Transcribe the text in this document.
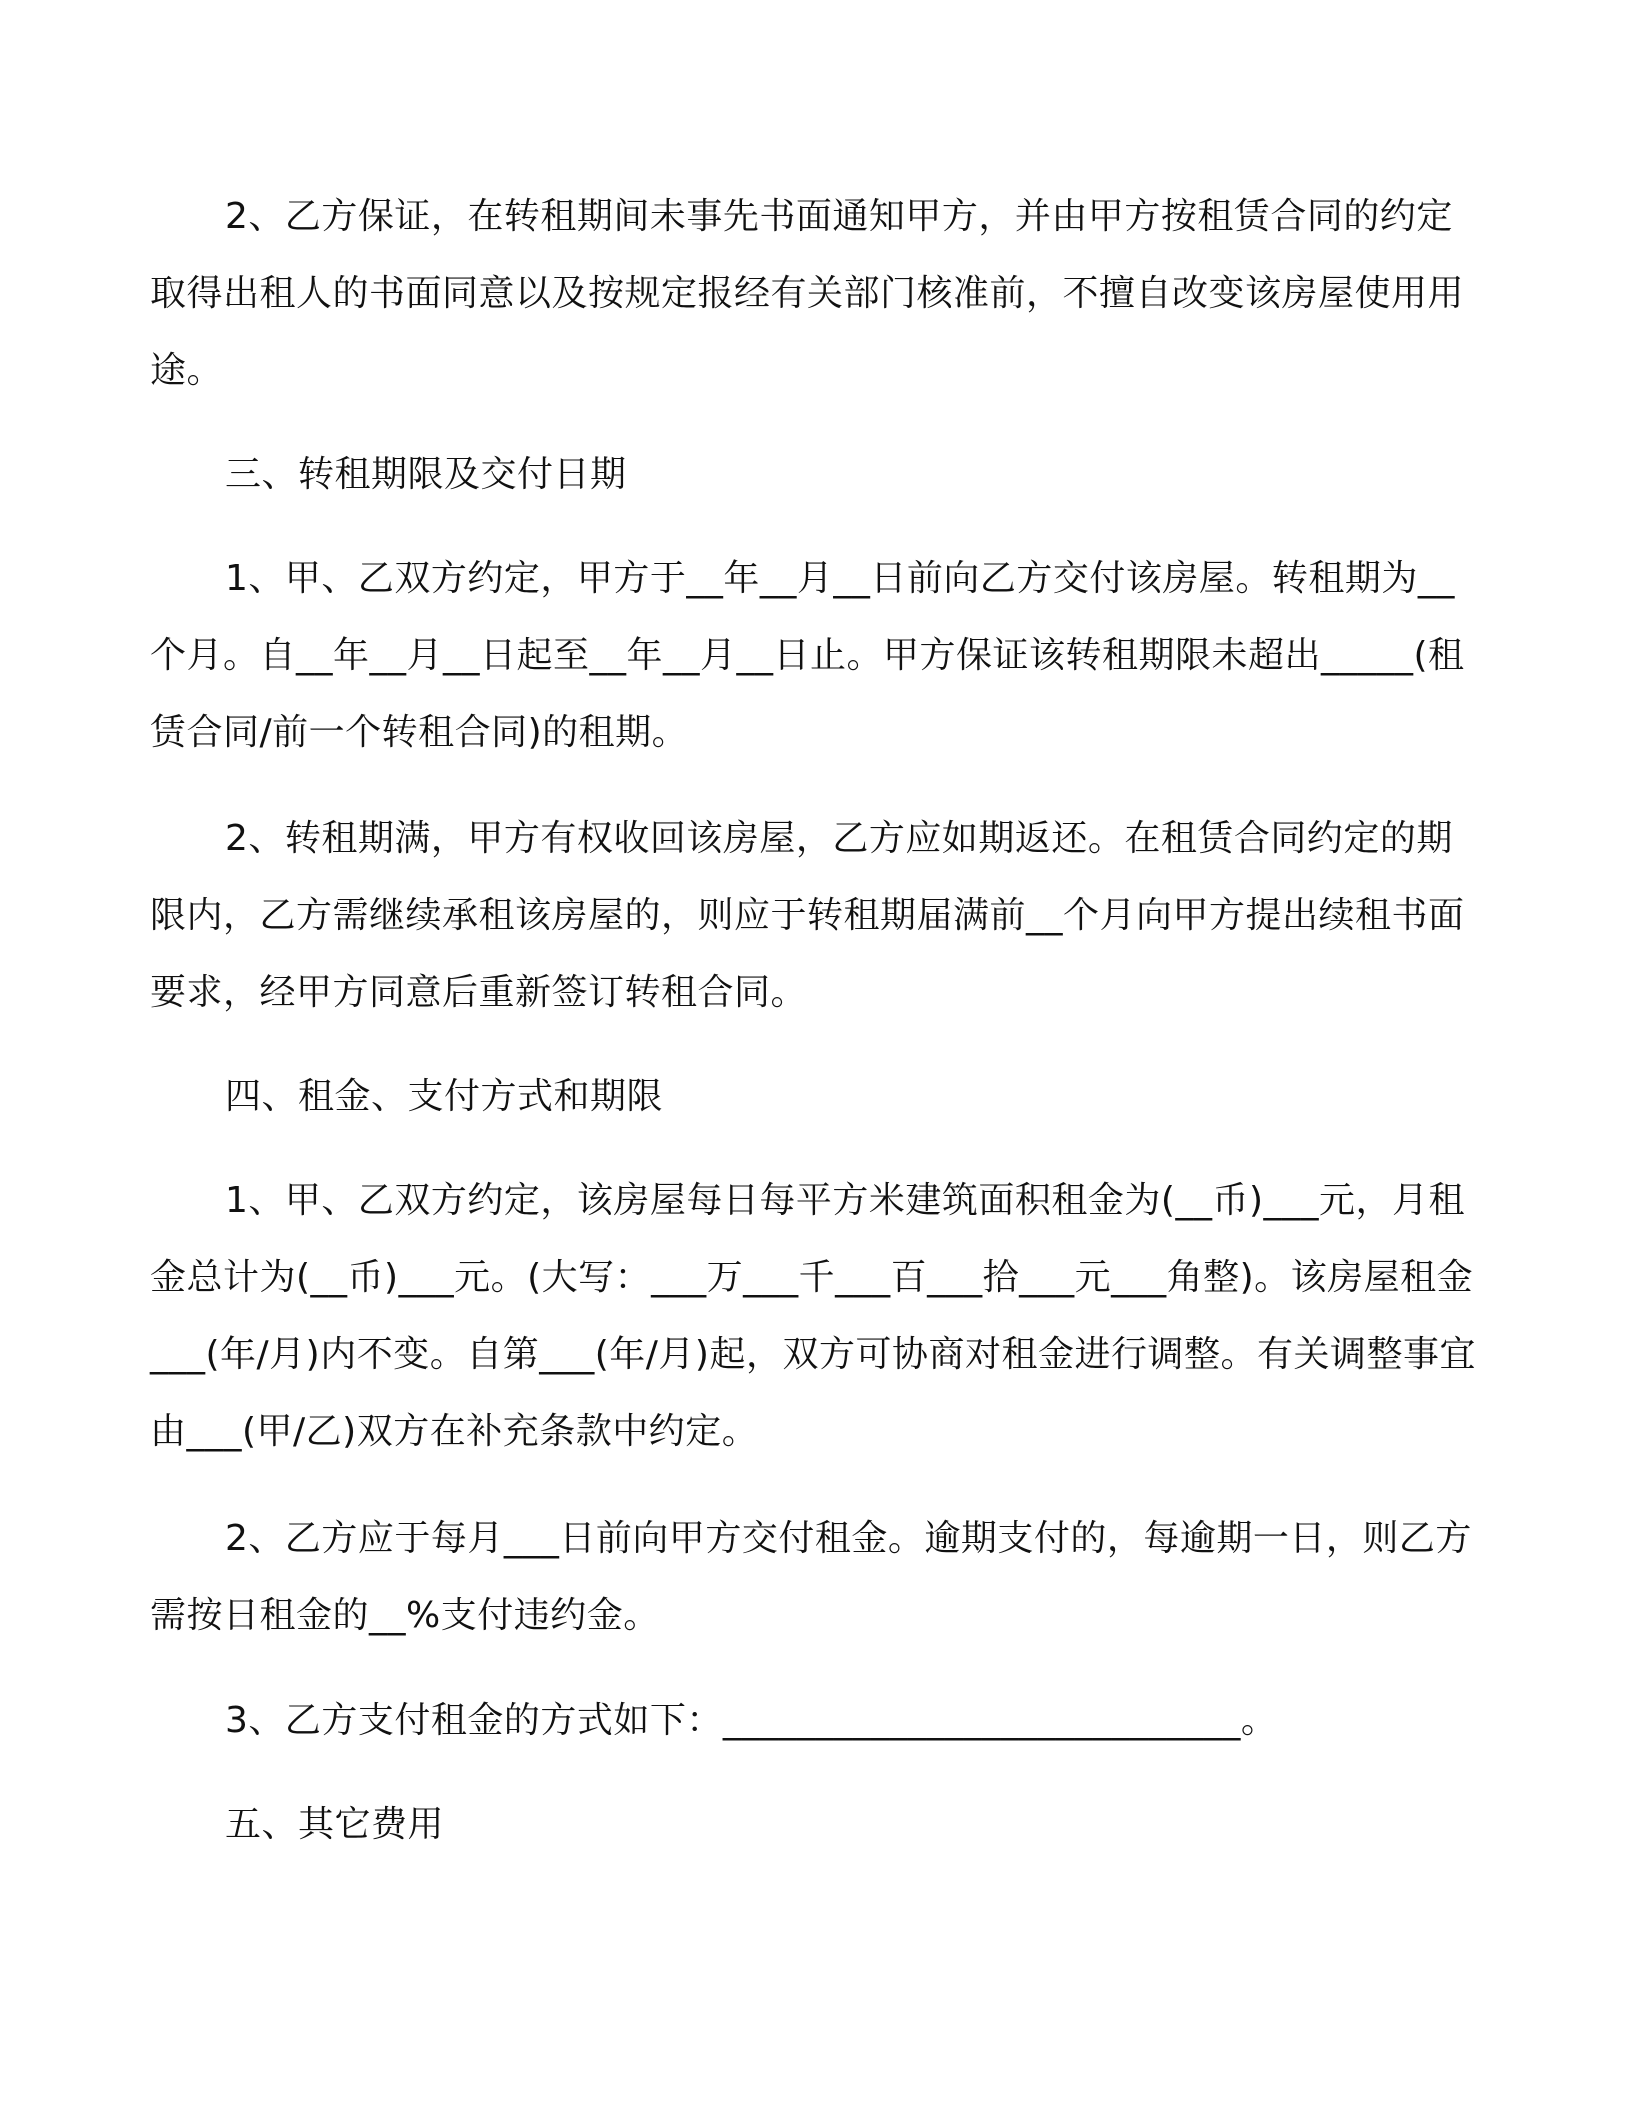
2、乙方保证，在转租期间未事先书面通知甲方，并由甲方按租赁合同的约定取得出租人的书面同意以及按规定报经有关部门核准前，不擅自改变该房屋使用用途。

三、转租期限及交付日期

1、甲、乙双方约定，甲方于__年__月__日前向乙方交付该房屋。转租期为__个月。自__年__月__日起至__年__月__日止。甲方保证该转租期限未超出_____(租赁合同/前一个转租合同)的租期。

2、转租期满，甲方有权收回该房屋，乙方应如期返还。在租赁合同约定的期限内，乙方需继续承租该房屋的，则应于转租期届满前__个月向甲方提出续租书面要求，经甲方同意后重新签订转租合同。

四、租金、支付方式和期限

1、甲、乙双方约定，该房屋每日每平方米建筑面积租金为(__币)___元，月租金总计为(__币)___元。(大写：___万___千___百___拾___元___角整)。该房屋租金___(年/月)内不变。自第___(年/月)起，双方可协商对租金进行调整。有关调整事宜由___(甲/乙)双方在补充条款中约定。

2、乙方应于每月___日前向甲方交付租金。逾期支付的，每逾期一日，则乙方需按日租金的__%支付违约金。

3、乙方支付租金的方式如下：____________________________。

五、其它费用
